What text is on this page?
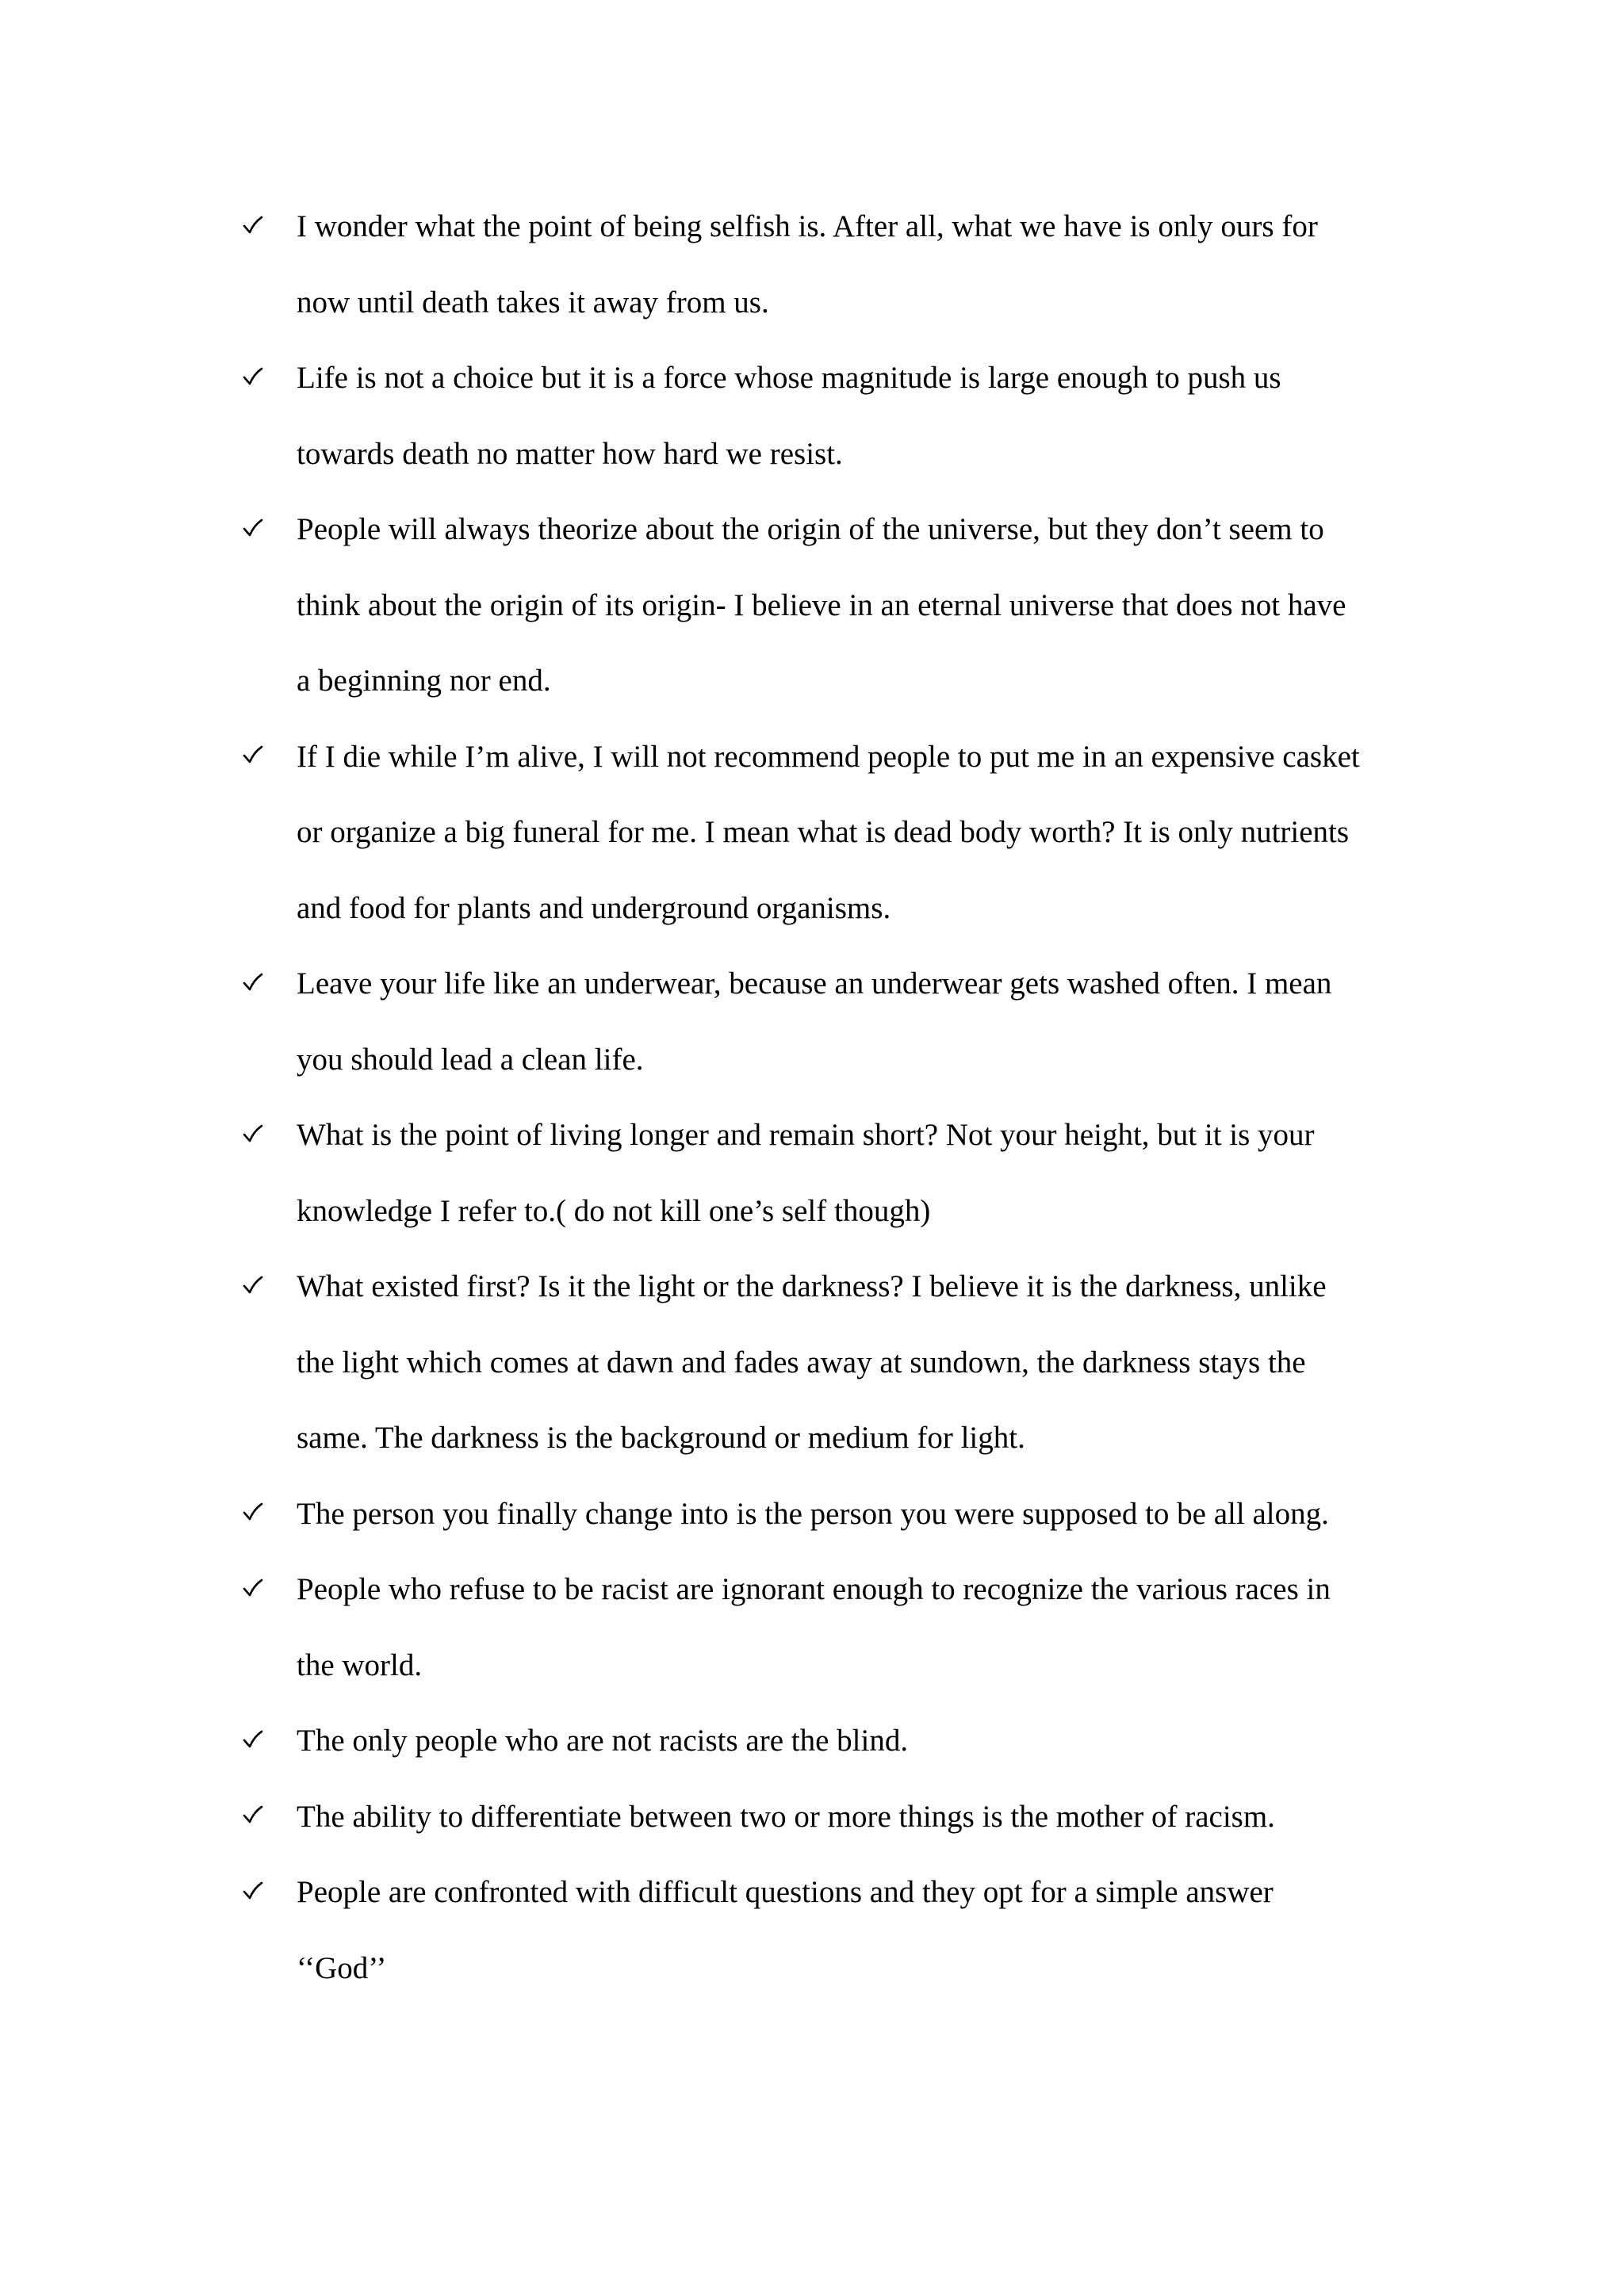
I wonder what the point of being selfish is. After all, what we have is only ours for
now until death takes it away from us.
Life is not a choice but it is a force whose magnitude is large enough to push us
towards death no matter how hard we resist.
People will always theorize about the origin of the universe, but they don’t seem to
think about the origin of its origin- I believe in an eternal universe that does not have
a beginning nor end.
If I die while I’m alive, I will not recommend people to put me in an expensive casket
or organize a big funeral for me. I mean what is dead body worth? It is only nutrients
and food for plants and underground organisms.
Leave your life like an underwear, because an underwear gets washed often. I mean
you should lead a clean life.
What is the point of living longer and remain short? Not your height, but it is your
knowledge I refer to.( do not kill one’s self though)
What existed first? Is it the light or the darkness? I believe it is the darkness, unlike
the light which comes at dawn and fades away at sundown, the darkness stays the
same. The darkness is the background or medium for light.
The person you finally change into is the person you were supposed to be all along.
People who refuse to be racist are ignorant enough to recognize the various races in
the world.
The only people who are not racists are the blind.
The ability to differentiate between two or more things is the mother of racism.
People are confronted with difficult questions and they opt for a simple answer
‘‘God’’
